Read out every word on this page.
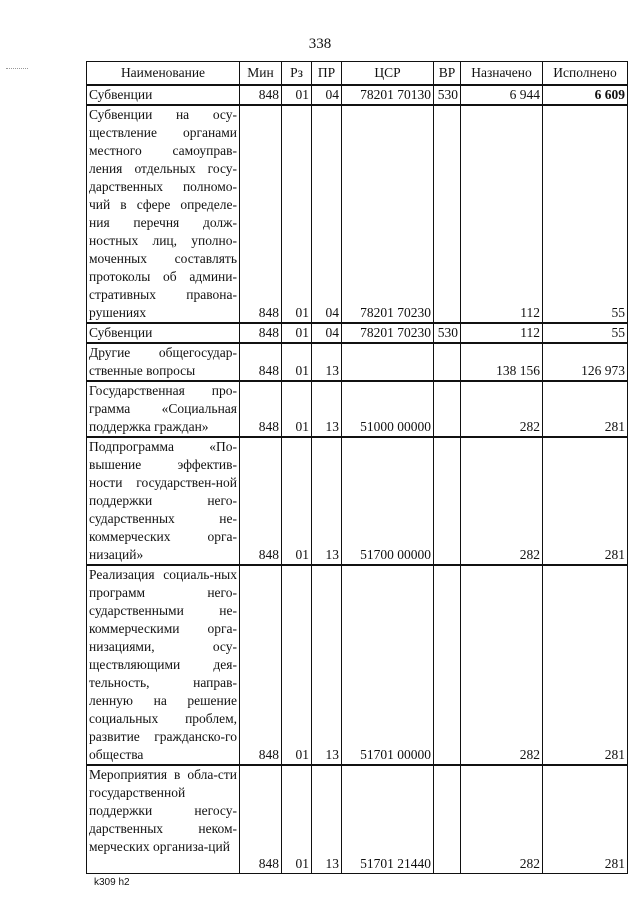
338
Наименование	Мин	Рз	ПР	ЦСР	ВР	Назначено	Исполнено
Субвенции	848	01	04	78201 70130	530	6 944	6 609
Субвенции на осу-ществление органами местного самоуправ-ления отдельных госу-дарственных полномо-чий в сфере определе-ния перечня долж-ностных лиц, уполно-моченных составлять протоколы об админи-стративных правона-рушениях	848	01	04	78201 70230		112	55
Субвенции	848	01	04	78201 70230	530	112	55
Другие общегосудар-ственные вопросы	848	01	13			138 156	126 973
Государственная про-грамма «Социальная поддержка граждан»	848	01	13	51000 00000		282	281
Подпрограмма «По-вышение эффектив-ности государствен-ной поддержки него-сударственных не-коммерческих орга-низаций»	848	01	13	51700 00000		282	281
Реализация социаль-ных программ него-сударственными не-коммерческими орга-низациями, осу-ществляющими дея-тельность, направ-ленную на решение социальных проблем, развитие гражданско-го общества	848	01	13	51701 00000		282	281
Мероприятия в обла-сти государственной поддержки негосу-дарственных неком-мерческих организа-ций	848	01	13	51701 21440		282	281
k309 h2
